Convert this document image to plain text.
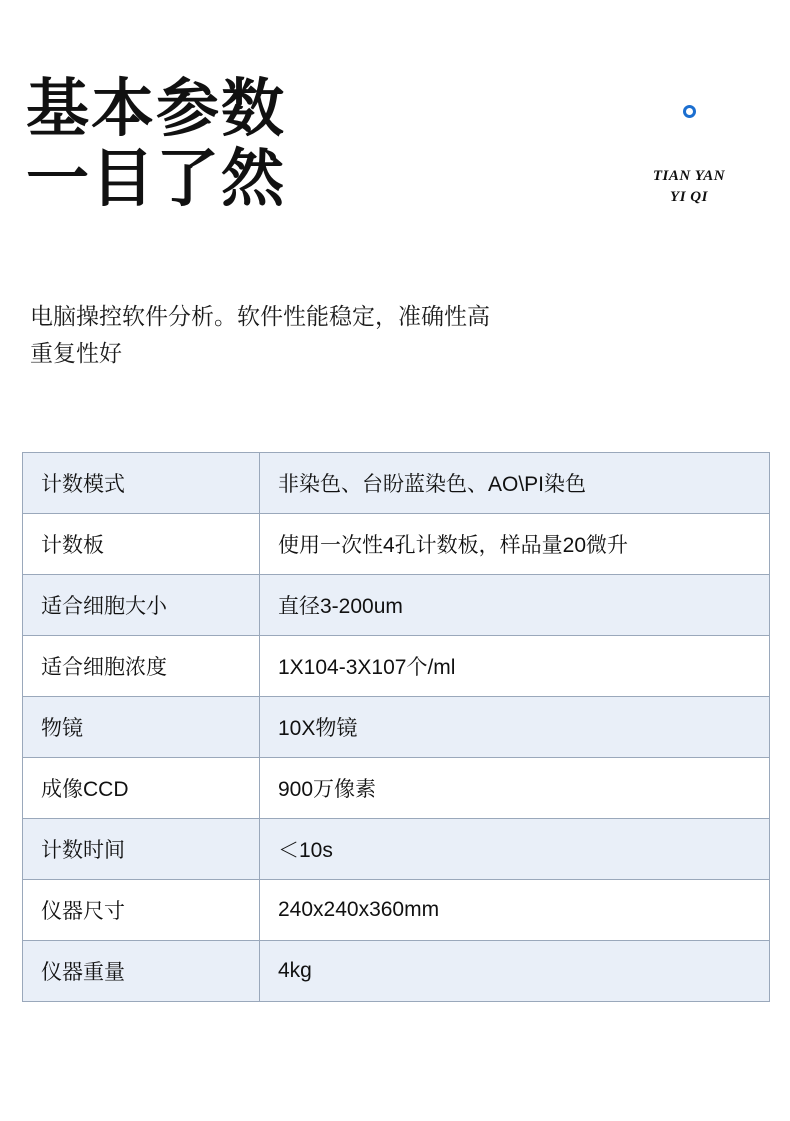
基本参数
一目了然	TIAN YAN
YI QI
电脑操控软件分析。软件性能稳定，准确性高
重复性好
计数模式	非染色、台盼蓝染色、AO\PI染色
计数板	使用一次性4孔计数板，样品量20微升
适合细胞大小	直径3-200um
适合细胞浓度	1X104-3X107个/ml
物镜	10X物镜
成像CCD	900万像素
计数时间	＜10s
仪器尺寸	240x240x360mm
仪器重量	4kg
